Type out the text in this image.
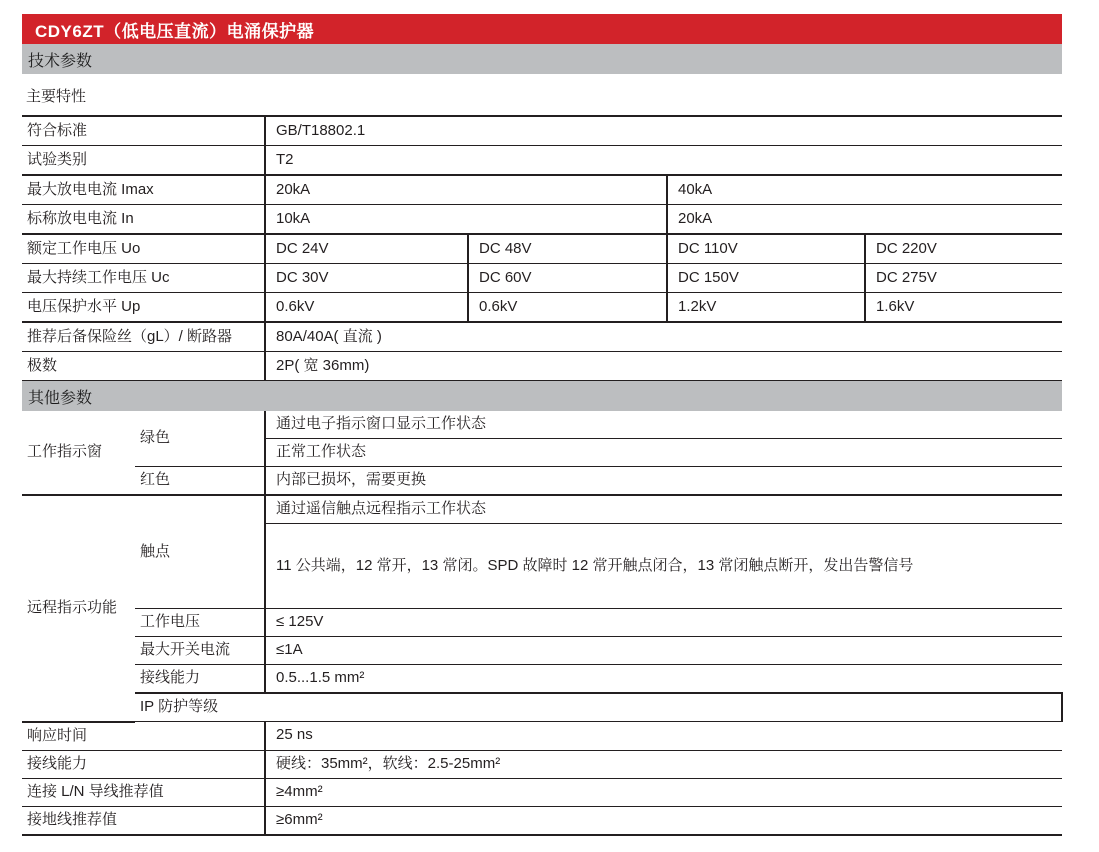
CDY6ZT（低电压直流）电涌保护器
技术参数
主要特性
符合标准	GB/T18802.1			
试验类别	T2			
最大放电电流 Imax	20kA		40kA	
标称放电电流 In	10kA		20kA	
额定工作电压 Uo	DC 24V	DC 48V	DC 110V	DC 220V
最大持续工作电压 Uc	DC 30V	DC 60V	DC 150V	DC 275V
电压保护水平 Up	0.6kV	0.6kV	1.2kV	1.6kV
推荐后备保险丝（gL）/ 断路器	80A/40A( 直流 )			
极数	2P( 宽 36mm)			
其他参数
工作指示窗	绿色	通过电子指示窗口显示工作状态	
		正常工作状态	
	红色	内部已损坏，需要更换	
远程指示功能	触点	通过遥信触点远程指示工作状态	
		11 公共端，12 常开，13 常闭。SPD 故障时 12 常开触点闭合，13 常闭触点断开，发出告警信号	
	工作电压	≤ 125V	
	最大开关电流	≤1A	
	接线能力	0.5...1.5 mm²	
	IP 防护等级	
响应时间		25 ns	
接线能力		硬线：35mm²，软线：2.5-25mm²	
连接 L/N 导线推荐值		≥4mm²	
接地线推荐值		≥6mm²	
